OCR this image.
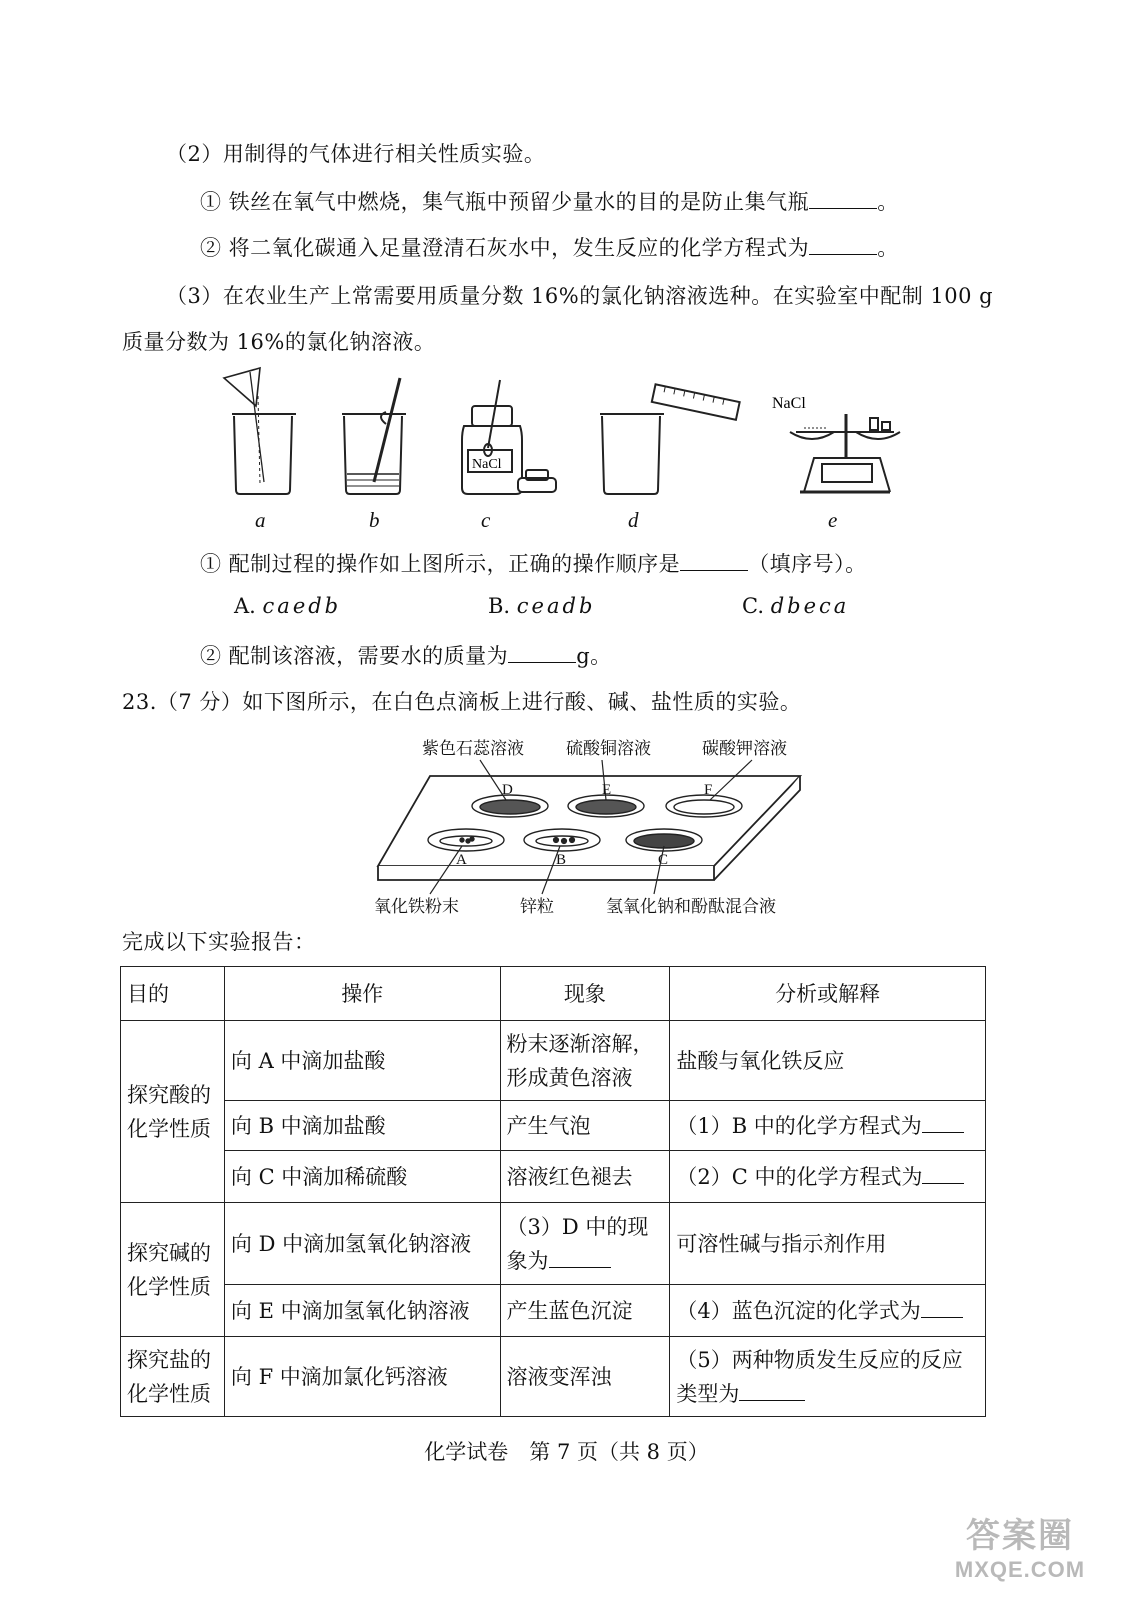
（2）用制得的气体进行相关性质实验。
① 铁丝在氧气中燃烧，集气瓶中预留少量水的目的是防止集气瓶	。
② 将二氧化碳通入足量澄清石灰水中，发生反应的化学方程式为	。
（3）在农业生产上常需要用质量分数 16%的氯化钠溶液选种。在实验室中配制 100 g
质量分数为 16%的氯化钠溶液。
NaCl
NaCl
a	b	c	d	e
① 配制过程的操作如上图所示，正确的操作顺序是	（填序号）。
A. caedb	B. ceadb	C. dbeca
② 配制该溶液，需要水的质量为	g。
23.（7 分）如下图所示，在白色点滴板上进行酸、碱、盐性质的实验。
紫色石蕊溶液 硫酸铜溶液	碳酸钾溶液
氧化铁粉末	锌粒	氢氧化钠和酚酞混合液
D	E	F
A	B	C
完成以下实验报告：
目的	操作	现象	分析或解释
探究酸的化学性质	向 A 中滴加盐酸	粉末逐渐溶解，形成黄色溶液	盐酸与氧化铁反应
	向 B 中滴加盐酸	产生气泡	（1）B 中的化学方程式为
	向 C 中滴加稀硫酸	溶液红色褪去	（2）C 中的化学方程式为
探究碱的化学性质	向 D 中滴加氢氧化钠溶液	（3）D 中的现象为	可溶性碱与指示剂作用
	向 E 中滴加氢氧化钠溶液	产生蓝色沉淀	（4）蓝色沉淀的化学式为
探究盐的化学性质	向 F 中滴加氯化钙溶液	溶液变浑浊	（5）两种物质发生反应的反应类型为
化学试卷　第 7 页（共 8 页）
答案圈
MXQE.COM
